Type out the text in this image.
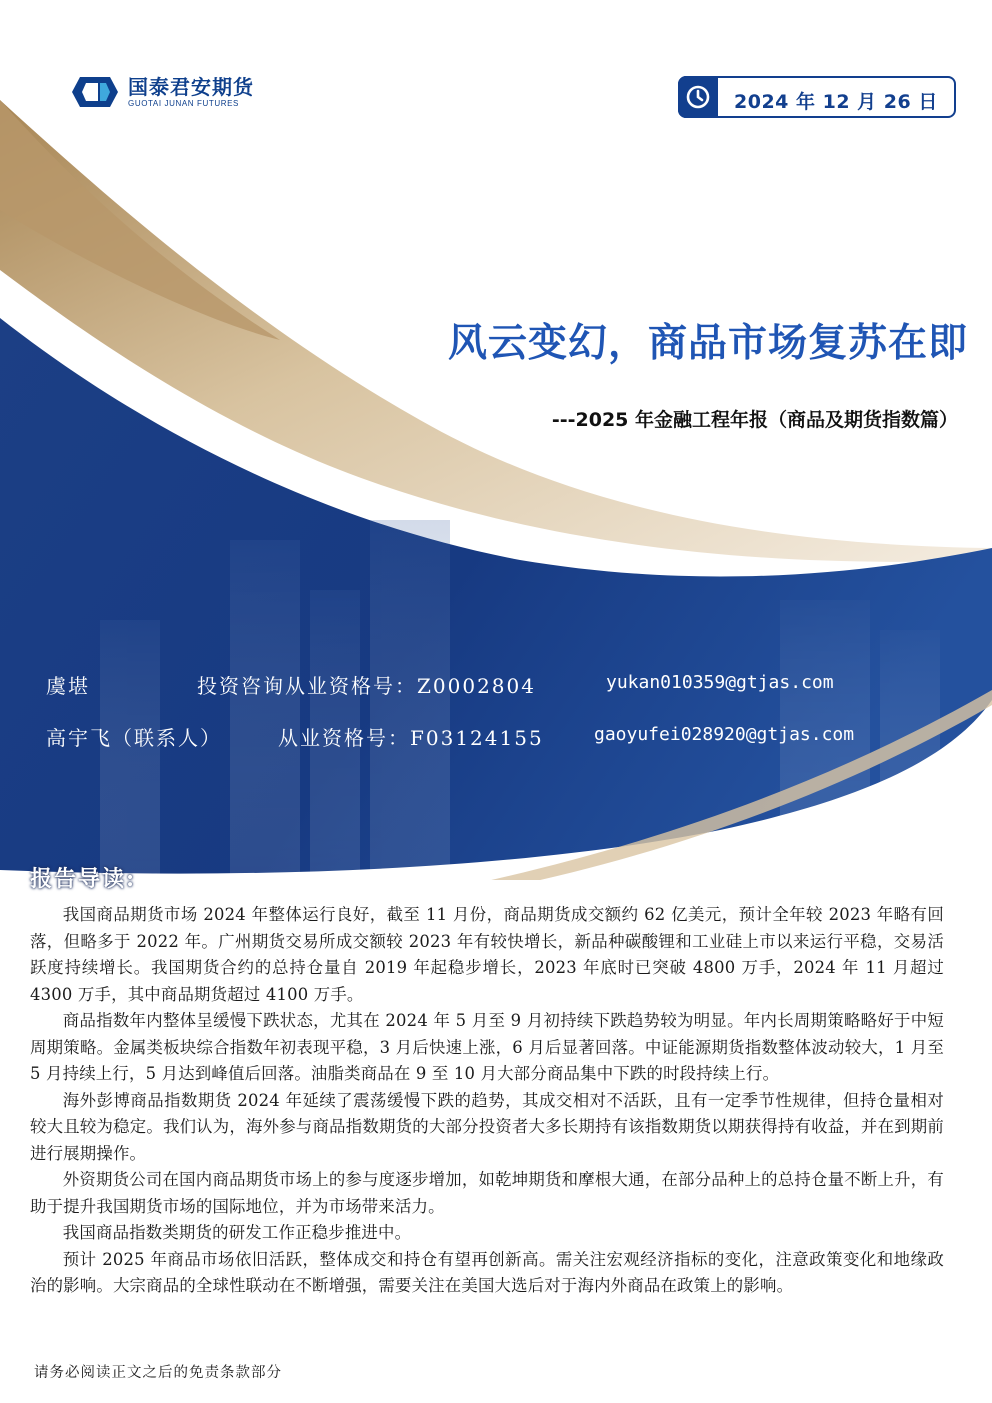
国泰君安期货
GUOTAI JUNAN FUTURES	2024 年 12 月 26 日
风云变幻，商品市场复苏在即
---2025 年金融工程年报（商品及期货指数篇）
虞堪	投资咨询从业资格号：Z0002804	yukan010359@gtjas.com
高宇飞（联系人）	从业资格号：F03124155	gaoyufei028920@gtjas.com
报告导读:

我国商品期货市场 2024 年整体运行良好，截至 11 月份，商品期货成交额约 62 亿美元，预计全年较 2023 年略有回落，但略多于 2022 年。广州期货交易所成交额较 2023 年有较快增长，新品种碳酸锂和工业硅上市以来运行平稳，交易活跃度持续增长。我国期货合约的总持仓量自 2019 年起稳步增长，2023 年底时已突破 4800 万手，2024 年 11 月超过 4300 万手，其中商品期货超过 4100 万手。

商品指数年内整体呈缓慢下跌状态，尤其在 2024 年 5 月至 9 月初持续下跌趋势较为明显。年内长周期策略略好于中短周期策略。金属类板块综合指数年初表现平稳，3 月后快速上涨，6 月后显著回落。中证能源期货指数整体波动较大，1 月至 5 月持续上行，5 月达到峰值后回落。油脂类商品在 9 至 10 月大部分商品集中下跌的时段持续上行。

海外彭博商品指数期货 2024 年延续了震荡缓慢下跌的趋势，其成交相对不活跃，且有一定季节性规律，但持仓量相对较大且较为稳定。我们认为，海外参与商品指数期货的大部分投资者大多长期持有该指数期货以期获得持有收益，并在到期前进行展期操作。

外资期货公司在国内商品期货市场上的参与度逐步增加，如乾坤期货和摩根大通，在部分品种上的总持仓量不断上升，有助于提升我国期货市场的国际地位，并为市场带来活力。

我国商品指数类期货的研发工作正稳步推进中。

预计 2025 年商品市场依旧活跃，整体成交和持仓有望再创新高。需关注宏观经济指标的变化，注意政策变化和地缘政治的影响。大宗商品的全球性联动在不断增强，需要关注在美国大选后对于海内外商品在政策上的影响。

请务必阅读正文之后的免责条款部分
